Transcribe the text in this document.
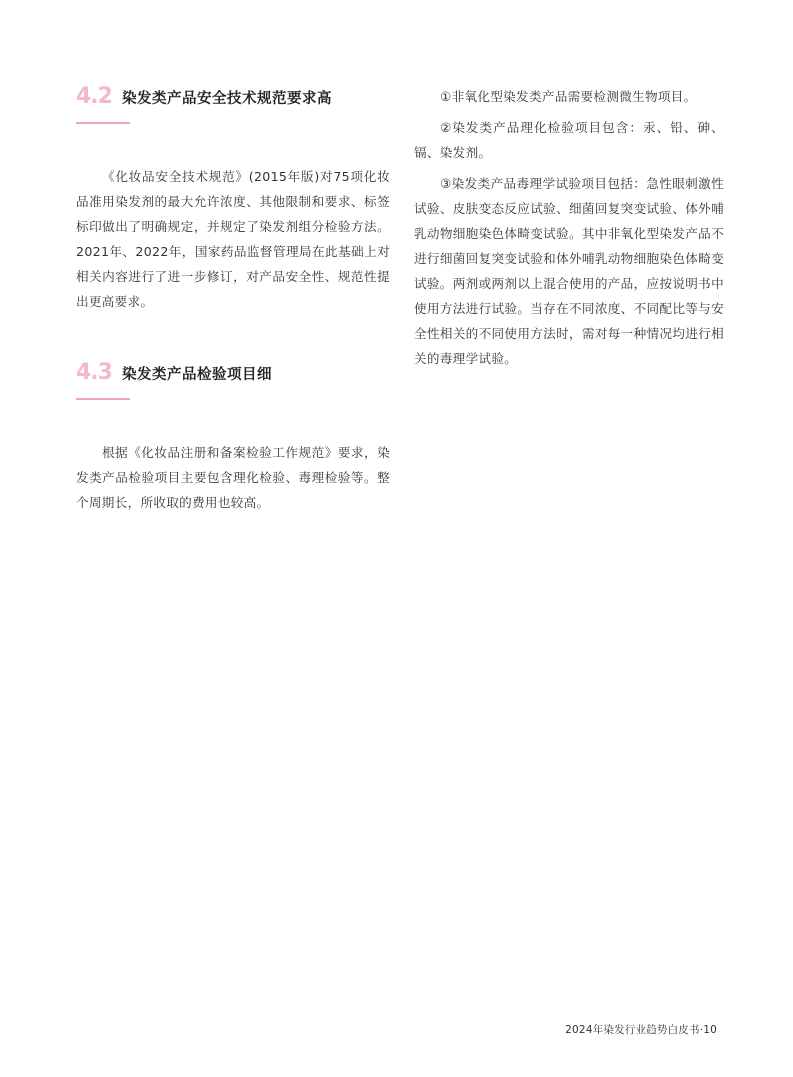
4.2 染发类产品安全技术规范要求高

《化妆品安全技术规范》(2015年版)对75项化妆品准用染发剂的最大允许浓度、其他限制和要求、标签标印做出了明确规定，并规定了染发剂组分检验方法。2021年、2022年，国家药品监督管理局在此基础上对相关内容进行了进一步修订，对产品安全性、规范性提出更高要求。

4.3 染发类产品检验项目细

根据《化妆品注册和备案检验工作规范》要求，染发类产品检验项目主要包含理化检验、毒理检验等。整个周期长，所收取的费用也较高。

①非氧化型染发类产品需要检测微生物项目。

②染发类产品理化检验项目包含：汞、铅、砷、镉、染发剂。

③染发类产品毒理学试验项目包括：急性眼刺激性试验、皮肤变态反应试验、细菌回复突变试验、体外哺乳动物细胞染色体畸变试验。其中非氧化型染发产品不进行细菌回复突变试验和体外哺乳动物细胞染色体畸变试验。两剂或两剂以上混合使用的产品，应按说明书中使用方法进行试验。当存在不同浓度、不同配比等与安全性相关的不同使用方法时，需对每一种情况均进行相关的毒理学试验。

2024年染发行业趋势白皮书·10
